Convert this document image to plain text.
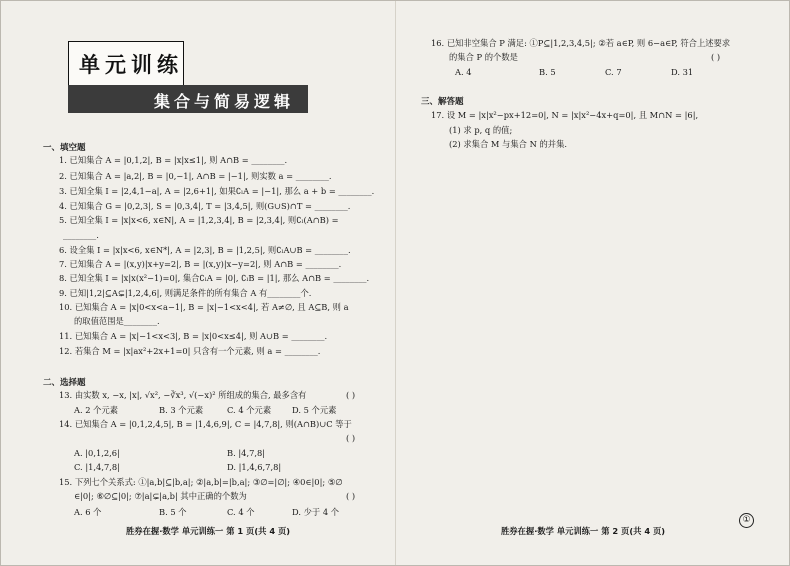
单元训练
集合与简易逻辑
一、填空题
1. 已知集合 A = |0,1,2|, B = |x|x≤1|, 则 A∩B = ________.
2. 已知集合 A = |a,2|, B = |0,−1|, A∩B = |−1|, 则实数 a = ________.
3. 已知全集 I = |2,4,1−a|, A = |2,6+1|, 如果∁ₗA = |−1|, 那么 a + b = ________.
4. 已知集合 G = |0,2,3|, S = |0,3,4|, T = |3,4,5|, 则(G∪S)∩T = ________.
5. 已知全集 I = |x|x<6, x∈N|, A = |1,2,3,4|, B = |2,3,4|, 则∁ₗ(A∩B) =
________.
6. 设全集 I = |x|x<6, x∈N*|, A = |2,3|, B = |1,2,5|, 则∁ₗA∪B = ________.
7. 已知集合 A = |(x,y)|x+y=2|, B = |(x,y)|x−y=2|, 则 A∩B = ________.
8. 已知全集 I = |x|x(x²−1)=0|, 集合∁ₗA = |0|, ∁ₗB = |1|, 那么 A∩B = ________.
9. 已知|1,2|⊆A⊊|1,2,4,6|, 则满足条件的所有集合 A 有________个.
10. 已知集合 A = |x|0<x<a−1|, B = |x|−1<x<4|, 若 A≠∅, 且 A⊆B, 则 a
的取值范围是________.
11. 已知集合 A = |x|−1<x<3|, B = |x|0<x≤4|, 则 A∪B = ________.
12. 若集合 M = |x|ax²+2x+1=0| 只含有一个元素, 则 a = ________.
二、选择题
13. 由实数 x, −x, |x|, √x², −∛x³, √(−x)² 所组成的集合, 最多含有	( )
A. 2 个元素	B. 3 个元素	C. 4 个元素	D. 5 个元素
14. 已知集合 A = |0,1,2,4,5|, B = |1,4,6,9|, C = |4,7,8|, 则(A∩B)∪C 等于
( )
A. |0,1,2,6|	B. |4,7,8|
C. |1,4,7,8|	D. |1,4,6,7,8|
15. 下列七个关系式: ①|a,b|⊆|b,a|; ②|a,b|=|b,a|; ③∅=|∅|; ④0∈|0|; ⑤∅
∈|0|; ⑥∅⊆|0|; ⑦|a|⊊|a,b| 其中正确的个数为	( )
A. 6 个	B. 5 个	C. 4 个	D. 少于 4 个
胜券在握·数学 单元训练一 第 1 页(共 4 页)
16. 已知非空集合 P 满足: ①P⊆|1,2,3,4,5|; ②若 a∈P, 则 6−a∈P, 符合上述要求
的集合 P 的个数是	( )
A. 4	B. 5	C. 7	D. 31
三、解答题
17. 设 M = |x|x²−px+12=0|, N = |x|x²−4x+q=0|, 且 M∩N = |6|,
(1) 求 p, q 的值;
(2) 求集合 M 与集合 N 的并集.
胜券在握·数学 单元训练一 第 2 页(共 4 页)
①
